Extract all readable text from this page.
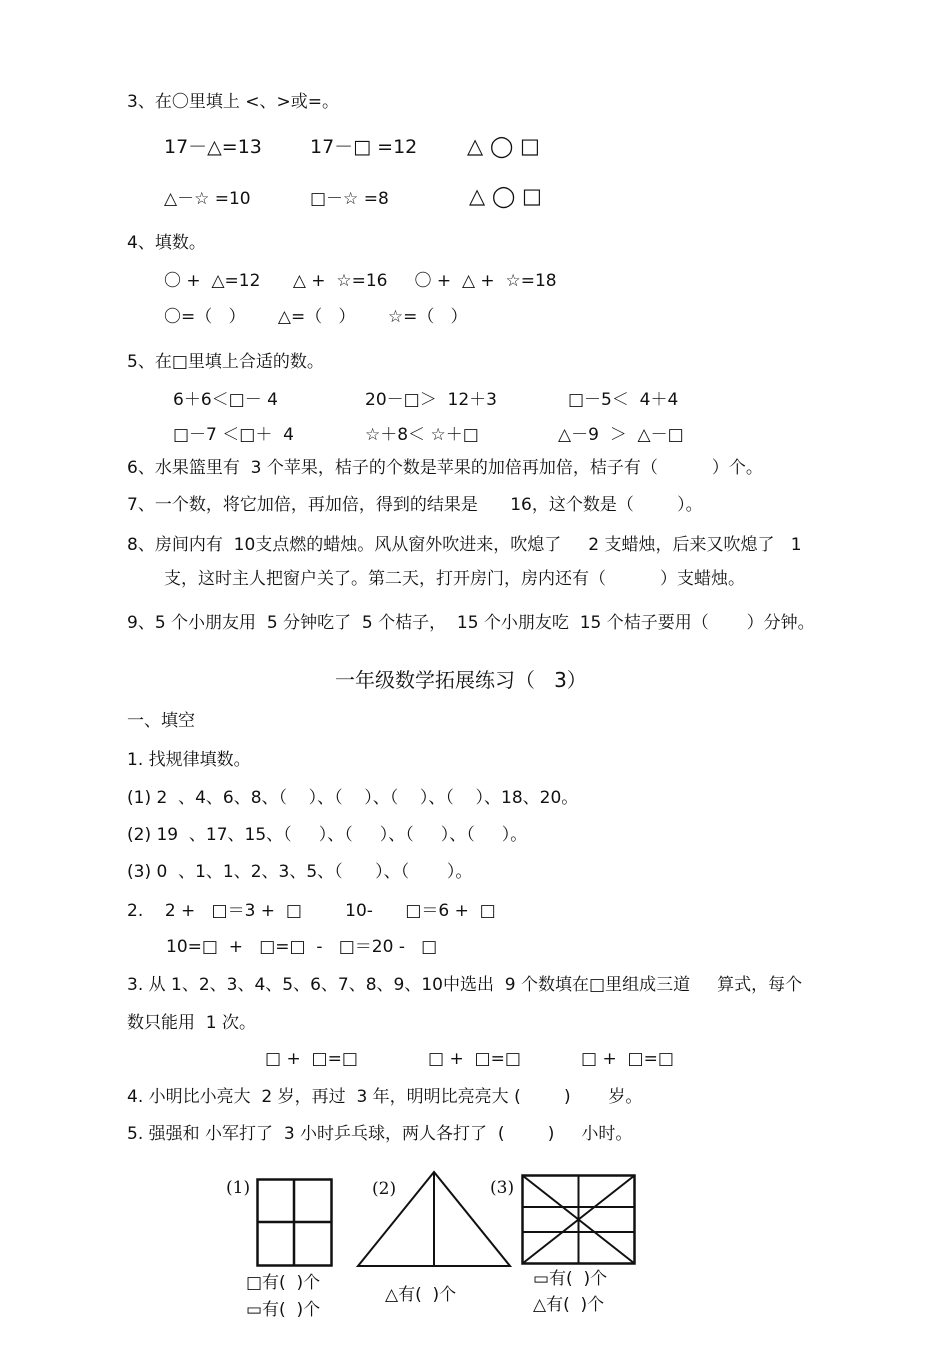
3、在〇里填上 <、>或=。
17－△=13	17－□ =12 △ ◯ □
△－☆ =10	□－☆ =8	△ ◯ □
4、填数。
〇 +  △=12      △ +  ☆=16     〇 +  △ +  ☆=18
〇=（   ）      △=（   ）      ☆=（   ）
5、在□里填上合适的数。
6＋6＜□－ 4	20－□＞  12＋3	□－5＜  4＋4
□－7 ＜□＋  4	☆＋8＜ ☆＋□	△－9  ＞  △－□
6、水果篮里有  3 个苹果，桔子的个数是苹果的加倍再加倍，桔子有（          ）个。
7、一个数，将它加倍，再加倍，得到的结果是      16，这个数是（        ）。
8、房间内有  10支点燃的蜡烛。风从窗外吹进来，吹熄了     2 支蜡烛，后来又吹熄了   1
支，这时主人把窗户关了。第二天，打开房门，房内还有（          ）支蜡烛。
9、5 个小朋友用  5 分钟吃了  5 个桔子，  15 个小朋友吃  15 个桔子要用（       ）分钟。
一年级数学拓展练习（   3）
一、填空
1. 找规律填数。
(1) 2  、4、6、8、（    ）、（    ）、（    ）、（    ）、18、20。
(2) 19  、17、15、（     ）、（     ）、（     ）、（     ）。
(3) 0  、1、1、2、3、5、（      ）、（       ）。
2.    2 +   □＝3 +  □        10-      □＝6 +  □
10=□  +   □=□  -   □＝20 -   □
3. 从 1、2、3、4、5、6、7、8、9、10中选出  9 个数填在□里组成三道     算式，每个
数只能用  1 次。
□ +  □=□	□ +  □=□	□ +  □=□
4. 小明比小亮大  2 岁，再过  3 年，明明比亮亮大 (        )       岁。
5. 强强和 小军打了  3 小时乒乓球，两人各打了  (        )     小时。
(1)	(2)	(3)
□有(  )个
▭有(  )个
△有(  )个
▭有(  )个
△有(  )个
